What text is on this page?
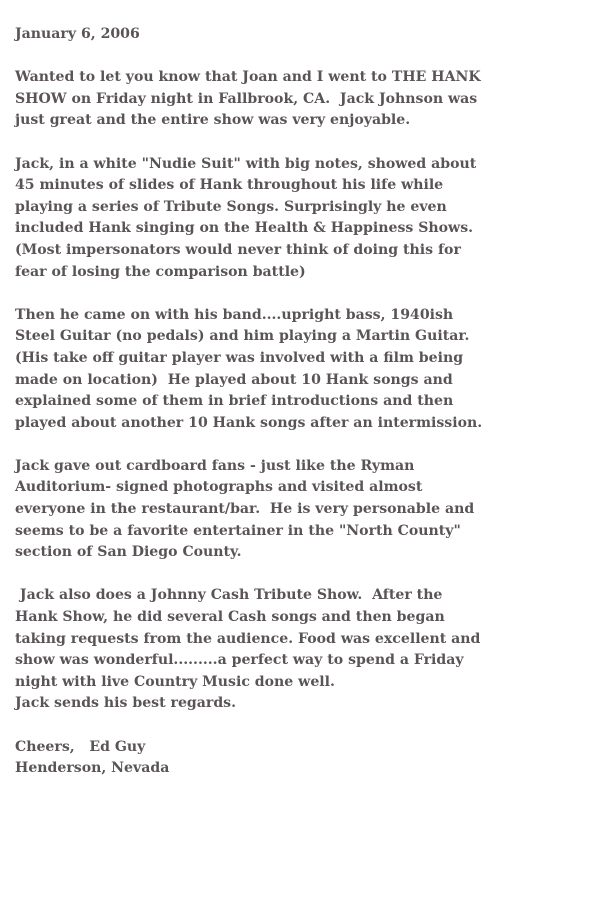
January 6, 2006
Wanted to let you know that Joan and I went to THE HANK
SHOW on Friday night in Fallbrook, CA.  Jack Johnson was
just great and the entire show was very enjoyable.
Jack, in a white "Nudie Suit" with big notes, showed about
45 minutes of slides of Hank throughout his life while
playing a series of Tribute Songs. Surprisingly he even
included Hank singing on the Health & Happiness Shows.
(Most impersonators would never think of doing this for
fear of losing the comparison battle)
Then he came on with his band....upright bass, 1940ish
Steel Guitar (no pedals) and him playing a Martin Guitar.
(His take off guitar player was involved with a film being
made on location)  He played about 10 Hank songs and
explained some of them in brief introductions and then
played about another 10 Hank songs after an intermission.
Jack gave out cardboard fans - just like the Ryman
Auditorium- signed photographs and visited almost
everyone in the restaurant/bar.  He is very personable and
seems to be a favorite entertainer in the "North County"
section of San Diego County.
Jack also does a Johnny Cash Tribute Show.  After the
Hank Show, he did several Cash songs and then began
taking requests from the audience. Food was excellent and
show was wonderful.........a perfect way to spend a Friday
night with live Country Music done well.
Jack sends his best regards.
Cheers,   Ed Guy
Henderson, Nevada
